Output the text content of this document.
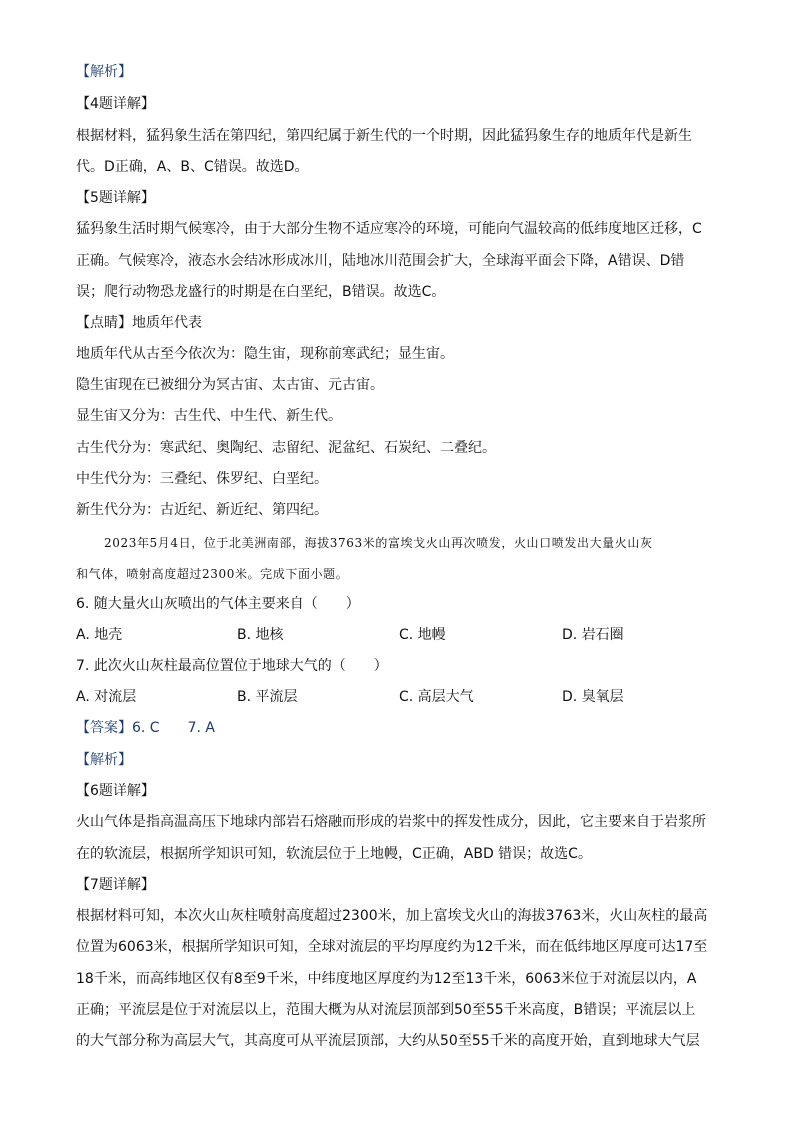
【解析】
【4题详解】
根据材料，猛犸象生活在第四纪，第四纪属于新生代的一个时期，因此猛犸象生存的地质年代是新生
代。D正确，A、B、C错误。故选D。
【5题详解】
猛犸象生活时期气候寒冷，由于大部分生物不适应寒冷的环境，可能向气温较高的低纬度地区迁移，C
正确。气候寒冷，液态水会结冰形成冰川，陆地冰川范围会扩大，全球海平面会下降，A错误、D错
误；爬行动物恐龙盛行的时期是在白垩纪，B错误。故选C。
【点睛】地质年代表
地质年代从古至今依次为：隐生宙，现称前寒武纪；显生宙。
隐生宙现在已被细分为冥古宙、太古宙、元古宙。
显生宙又分为：古生代、中生代、新生代。
古生代分为：寒武纪、奥陶纪、志留纪、泥盆纪、石炭纪、二叠纪。
中生代分为：三叠纪、侏罗纪、白垩纪。
新生代分为：古近纪、新近纪、第四纪。
2023年5月4日，位于北美洲南部，海拔3763米的富埃戈火山再次喷发，火山口喷发出大量火山灰
和气体，喷射高度超过2300米。完成下面小题。
6. 随大量火山灰喷出的气体主要来自（　　）
A. 地壳	B. 地核	C. 地幔	D. 岩石圈
7. 此次火山灰柱最高位置位于地球大气的（　　）
A. 对流层	B. 平流层	C. 高层大气	D. 臭氧层
【答案】6. C　　7. A
【解析】
【6题详解】
火山气体是指高温高压下地球内部岩石熔融而形成的岩浆中的挥发性成分，因此，它主要来自于岩浆所
在的软流层，根据所学知识可知，软流层位于上地幔，C正确，ABD 错误；故选C。
【7题详解】
根据材料可知，本次火山灰柱喷射高度超过2300米，加上富埃戈火山的海拔3763米，火山灰柱的最高
位置为6063米，根据所学知识可知，全球对流层的平均厚度约为12千米，而在低纬地区厚度可达17至
18千米，而高纬地区仅有8至9千米，中纬度地区厚度约为12至13千米，6063米位于对流层以内，A
正确；平流层是位于对流层以上，范围大概为从对流层顶部到50至55千米高度，B错误；平流层以上
的大气部分称为高层大气，其高度可从平流层顶部，大约从50至55千米的高度开始，直到地球大气层
